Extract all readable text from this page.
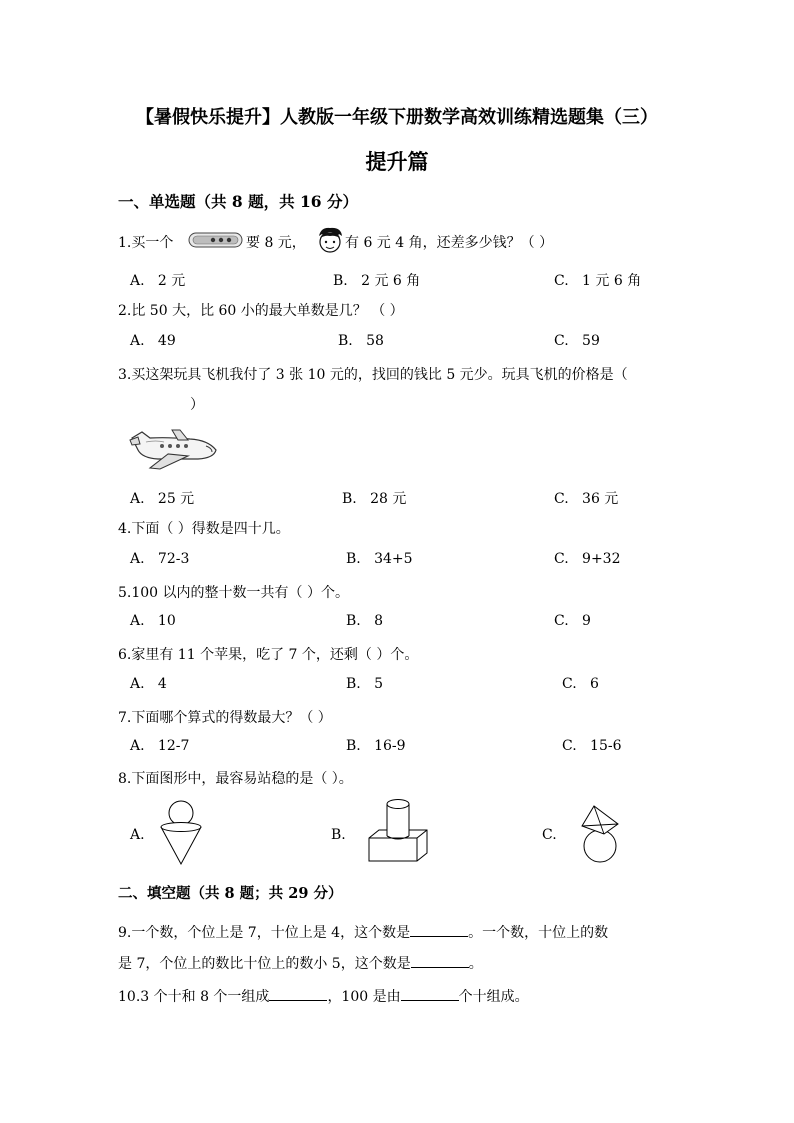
【暑假快乐提升】人教版一年级下册数学高效训练精选题集（三）
提升篇
一、单选题（共 8 题，共 16 分）
1.买一个	要 8 元，	有 6 元 4 角，还差多少钱？（ ）
A. 2 元	B. 2 元 6 角	C. 1 元 6 角
2.比 50 大，比 60 小的最大单数是几？ （ ）
A. 49	B. 58	C. 59
3.买这架玩具飞机我付了 3 张 10 元的，找回的钱比 5 元少。玩具飞机的价格是（
）
A. 25 元	B. 28 元	C. 36 元
4.下面（ ）得数是四十几。
A. 72-3	B. 34+5	C. 9+32
5.100 以内的整十数一共有（ ）个。
A. 10	B. 8	C. 9
6.家里有 11 个苹果，吃了 7 个，还剩（ ）个。
A. 4	B. 5	C. 6
7.下面哪个算式的得数最大？（ ）
A. 12-7	B. 16-9	C. 15-6
8.下面图形中，最容易站稳的是（ ）。
A.	B.	C.
二、填空题（共 8 题；共 29 分）
9.一个数，个位上是 7，十位上是 4，这个数是	。一个数，十位上的数
是 7，个位上的数比十位上的数小 5，这个数是	。
10.3 个十和 8 个一组成	，100 是由	个十组成。
